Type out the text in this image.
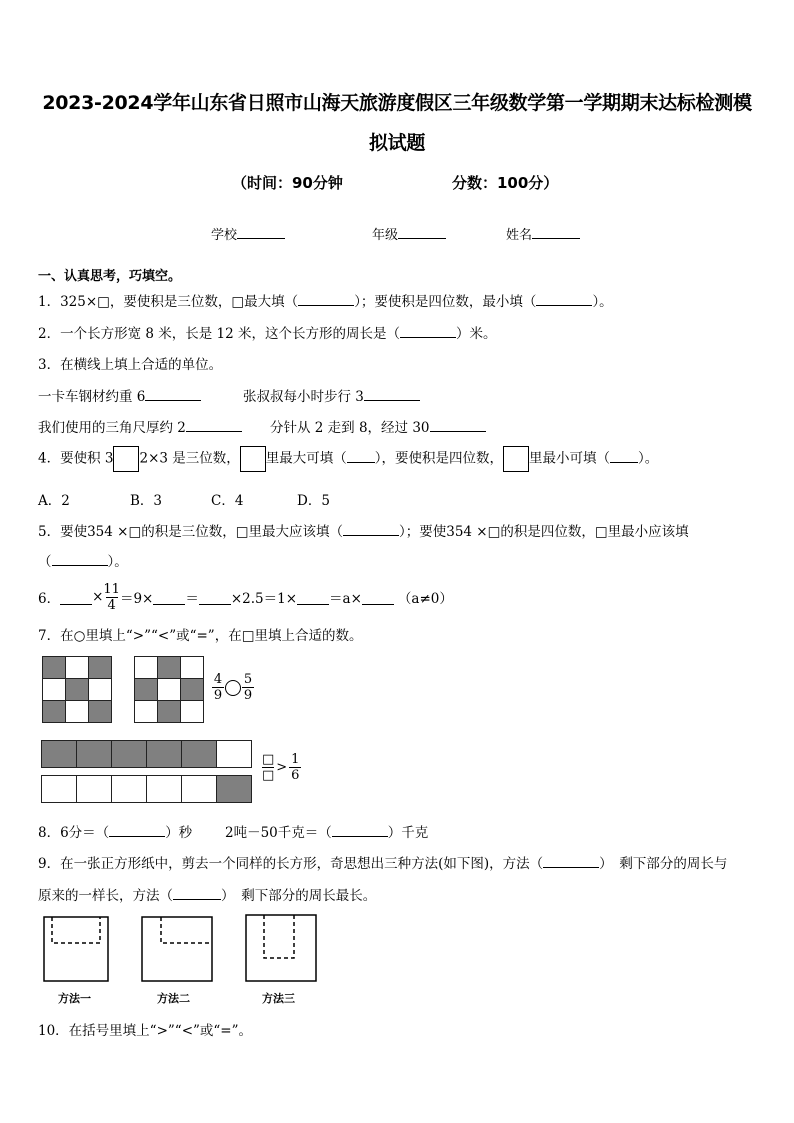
2023-2024学年山东省日照市山海天旅游度假区三年级数学第一学期期末达标检测模
拟试题
（时间：90分钟	分数：100分）
学校	年级	姓名
一、认真思考，巧填空。
1．325×□，要使积是三位数，□最大填（	）；要使积是四位数，最小填（	）。
2．一个长方形宽 8 米，长是 12 米，这个长方形的周长是（	）米。
3．在横线上填上合适的单位。
一卡车钢材约重 6	张叔叔每小时步行 3
我们使用的三角尺厚约 2	分针从 2 走到 8，经过 30
4．要使积 3 2×3 是三位数， 里最大可填（ ），要使积是四位数， 里最小可填（ ）。
A．2	B．3	C．4	D．5
5．要使354 ×□的积是三位数，□里最大应该填（	）；要使354 ×□的积是四位数，□里最小应该填
（	）。
6． × $\frac{11}{4} =9\times = \times 2.5=1\times =a\times$	（a≠0）
7．在○里填上“>”“<”或“=”，在□里填上合适的数。

$\frac{4}{9} \frac{5}{9}$

$\frac{□}{□} > \frac{1}{6}$
8．6分＝（	）秒 2吨－50千克＝（	）千克
9．在一张正方形纸中，剪去一个同样的长方形，奇思想出三种方法(如下图)，方法（	）　剩下部分的周长与
原来的一样长，方法（	）　剩下部分的周长最长。
方法一	方法二	方法三
10．在括号里填上“>”“<”或“=”。
